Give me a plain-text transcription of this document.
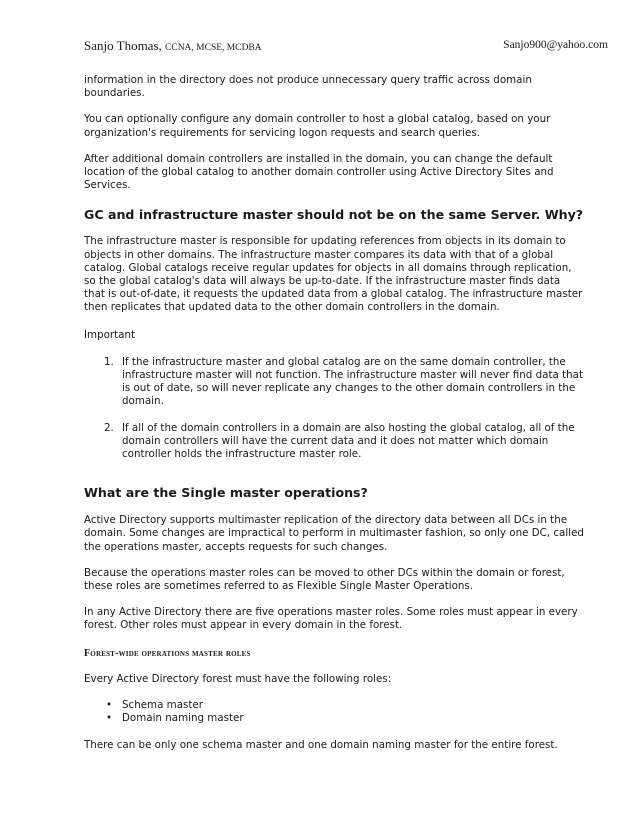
Sanjo Thomas, CCNA, MCSE, MCDBA	Sanjo900@yahoo.com

information in the directory does not produce unnecessary query traffic across domain boundaries.

You can optionally configure any domain controller to host a global catalog, based on your organization's requirements for servicing logon requests and search queries.

After additional domain controllers are installed in the domain, you can change the default location of the global catalog to another domain controller using Active Directory Sites and Services.

GC and infrastructure master should not be on the same Server. Why?

The infrastructure master is responsible for updating references from objects in its domain to objects in other domains. The infrastructure master compares its data with that of a global catalog. Global catalogs receive regular updates for objects in all domains through replication, so the global catalog's data will always be up-to-date. If the infrastructure master finds data that is out-of-date, it requests the updated data from a global catalog. The infrastructure master then replicates that updated data to the other domain controllers in the domain.

Important

1. If the infrastructure master and global catalog are on the same domain controller, the infrastructure master will not function. The infrastructure master will never find data that is out of date, so will never replicate any changes to the other domain controllers in the domain.
2. If all of the domain controllers in a domain are also hosting the global catalog, all of the domain controllers will have the current data and it does not matter which domain controller holds the infrastructure master role.
What are the Single master operations?

Active Directory supports multimaster replication of the directory data between all DCs in the domain. Some changes are impractical to perform in multimaster fashion, so only one DC, called the operations master, accepts requests for such changes.

Because the operations master roles can be moved to other DCs within the domain or forest, these roles are sometimes referred to as Flexible Single Master Operations.

In any Active Directory there are five operations master roles. Some roles must appear in every forest. Other roles must appear in every domain in the forest.

Forest-wide operations master roles

Every Active Directory forest must have the following roles:

• Schema master
• Domain naming master

There can be only one schema master and one domain naming master for the entire forest.
